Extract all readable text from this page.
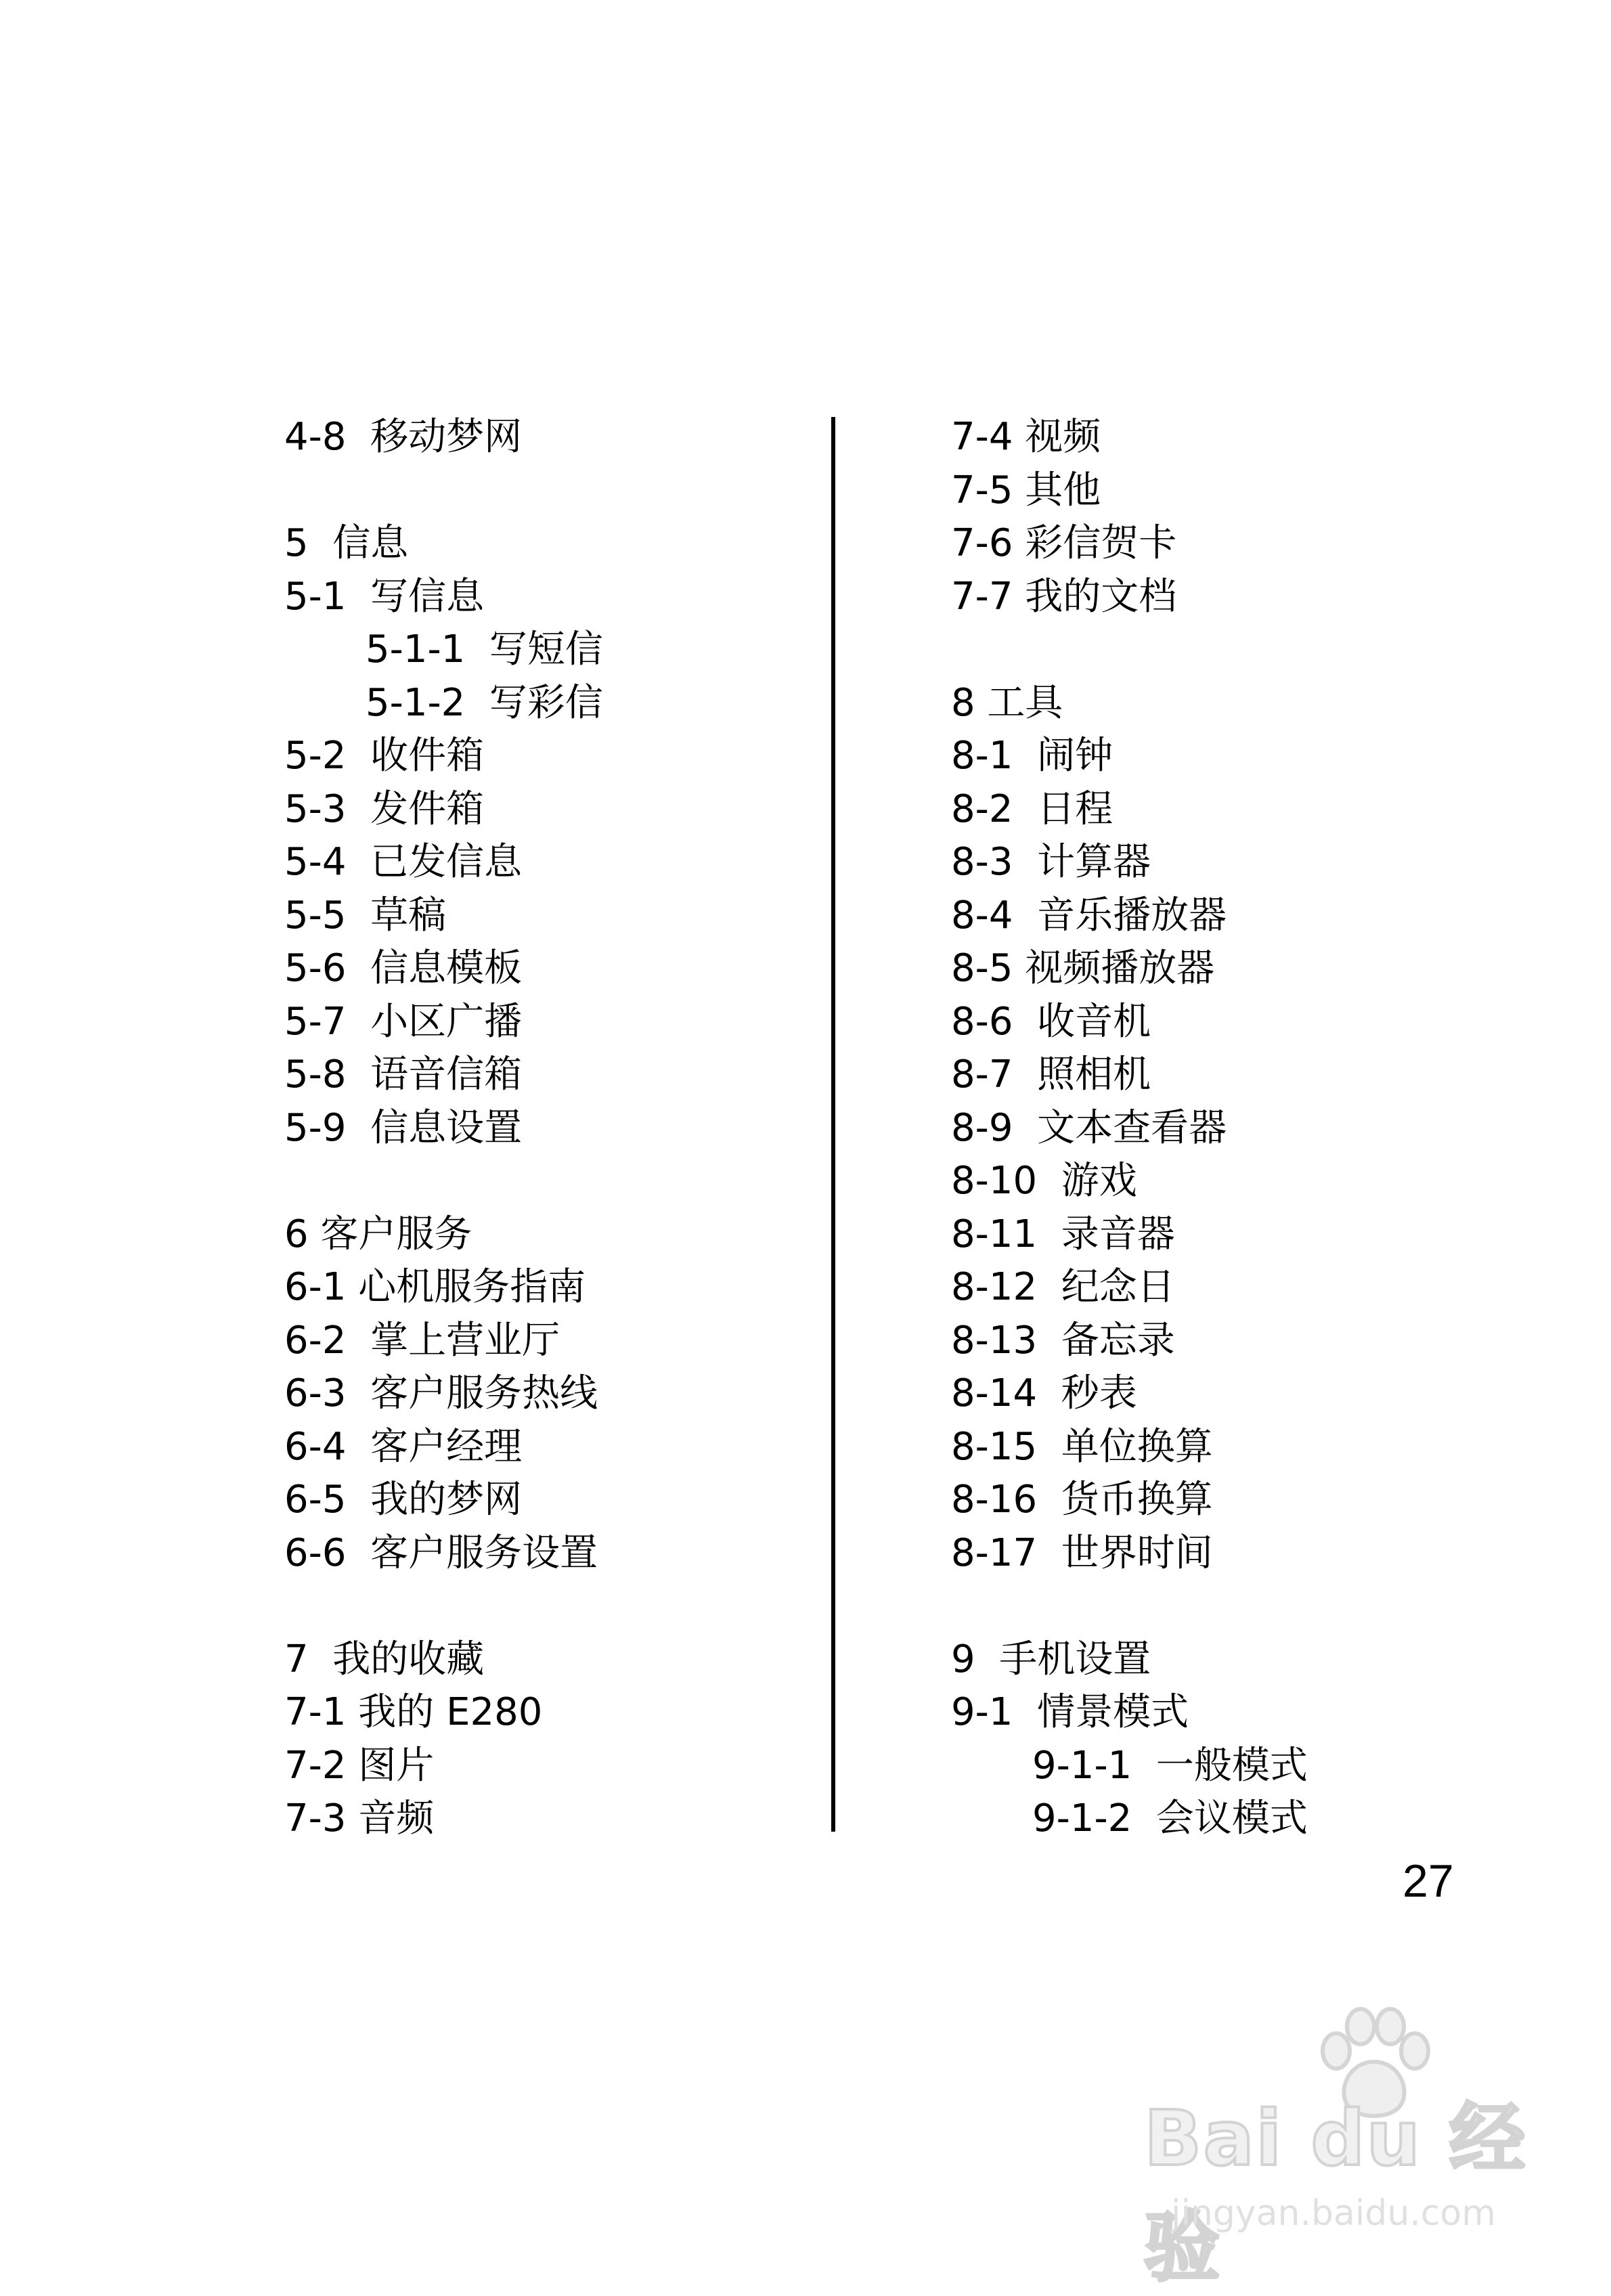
4-8  移动梦网
5  信息
5-1  写信息
5-1-1  写短信
5-1-2  写彩信
5-2  收件箱
5-3  发件箱
5-4  已发信息
5-5  草稿
5-6  信息模板
5-7  小区广播
5-8  语音信箱
5-9  信息设置
6 客户服务
6-1 心机服务指南
6-2  掌上营业厅
6-3  客户服务热线
6-4  客户经理
6-5  我的梦网
6-6  客户服务设置
7  我的收藏
7-1 我的 E280
7-2 图片
7-3 音频
7-4 视频
7-5 其他
7-6 彩信贺卡
7-7 我的文档
8 工具
8-1  闹钟
8-2  日程
8-3  计算器
8-4  音乐播放器
8-5 视频播放器
8-6  收音机
8-7  照相机
8-9  文本查看器
8-10  游戏
8-11  录音器
8-12  纪念日
8-13  备忘录
8-14  秒表
8-15  单位换算
8-16  货币换算
8-17  世界时间
9  手机设置
9-1  情景模式
9-1-1  一般模式
9-1-2  会议模式
27
Bai du 经验
jingyan.baidu.com
